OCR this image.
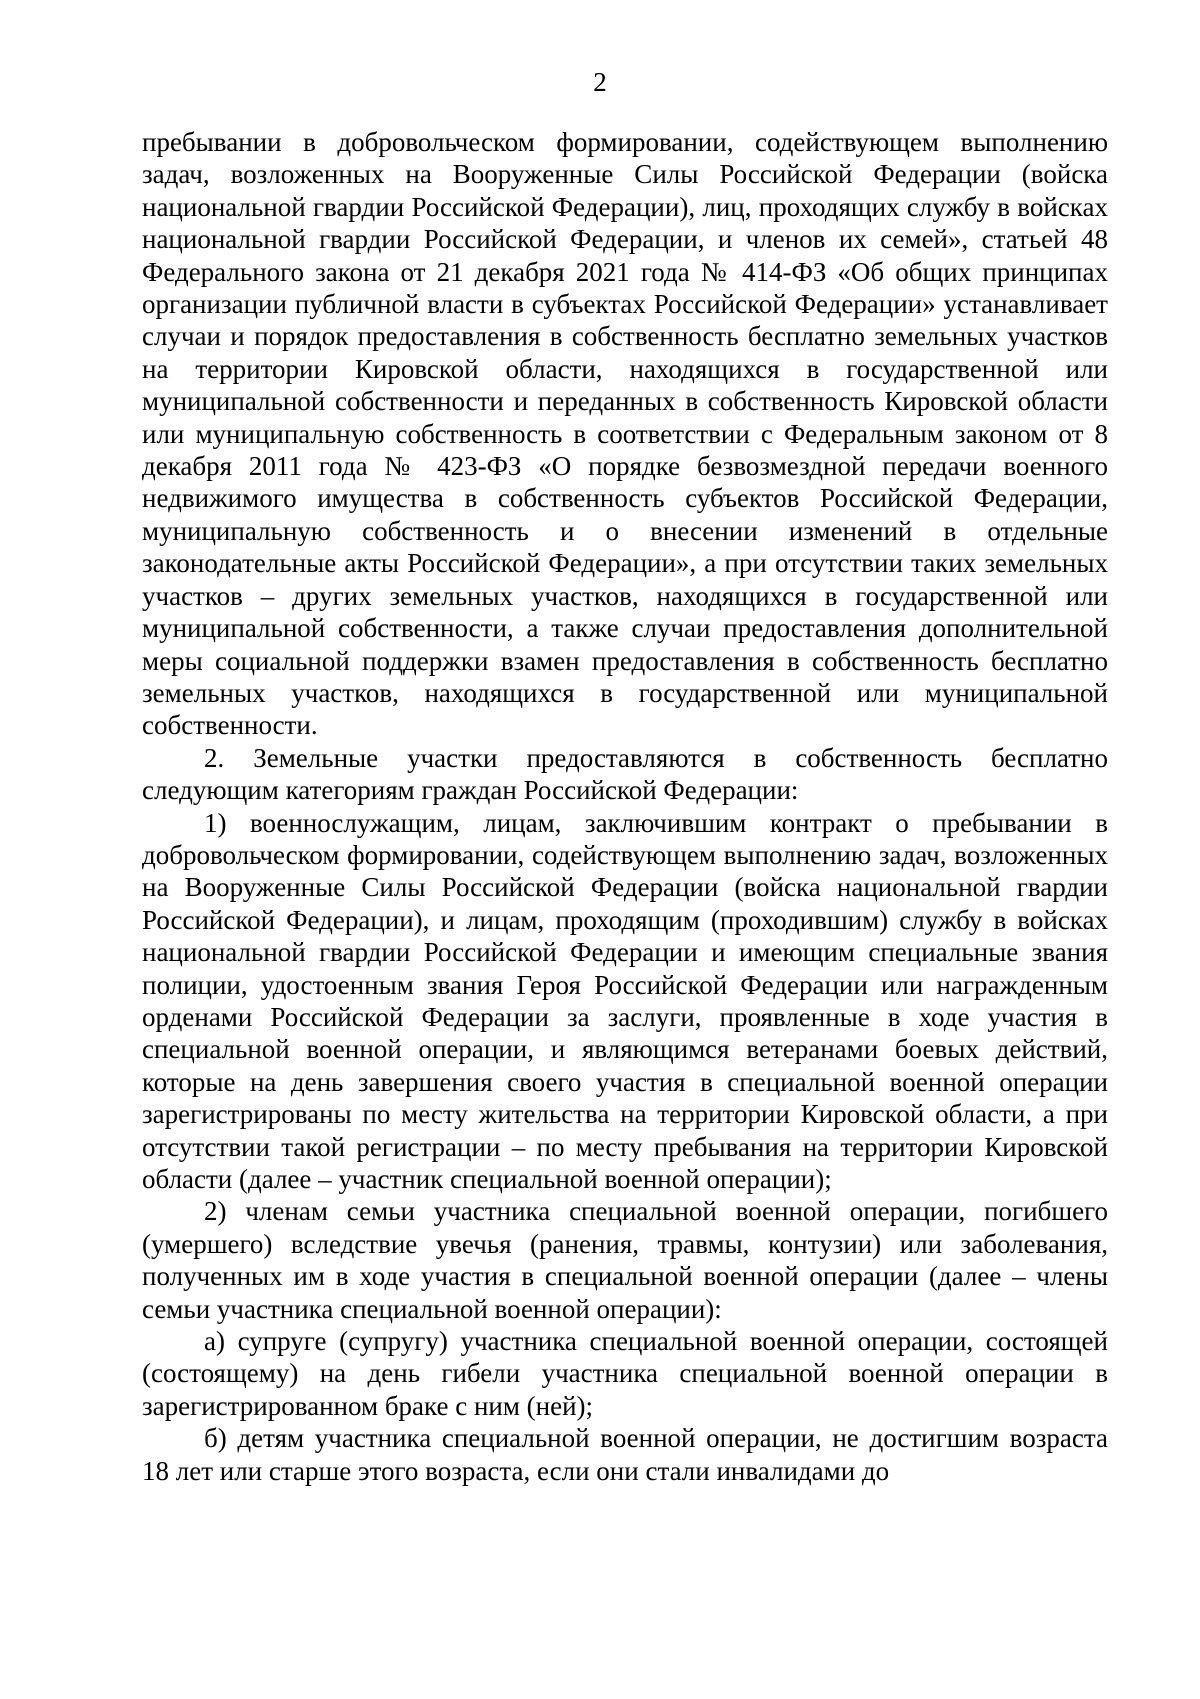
2

пребывании в добровольческом формировании, содействующем выполнению задач, возложенных на Вооруженные Силы Российской Федерации (войска национальной гвардии Российской Федерации), лиц, проходящих службу в войсках национальной гвардии Российской Федерации, и членов их семей», статьей 48 Федерального закона от 21 декабря 2021 года № 414-ФЗ «Об общих принципах организации публичной власти в субъектах Российской Федерации» устанавливает случаи и порядок предоставления в собственность бесплатно земельных участков на территории Кировской области, находящихся в государственной или муниципальной собственности и переданных в собственность Кировской области или муниципальную собственность в соответствии с Федеральным законом от 8 декабря 2011 года № 423-ФЗ «О порядке безвозмездной передачи военного недвижимого имущества в собственность субъектов Российской Федерации, муниципальную собственность и о внесении изменений в отдельные законодательные акты Российской Федерации», а при отсутствии таких земельных участков – других земельных участков, находящихся в государственной или муниципальной собственности, а также случаи предоставления дополнительной меры социальной поддержки взамен предоставления в собственность бесплатно земельных участков, находящихся в государственной или муниципальной собственности.

2. Земельные участки предоставляются в собственность бесплатно следующим категориям граждан Российской Федерации:

1) военнослужащим, лицам, заключившим контракт о пребывании в добровольческом формировании, содействующем выполнению задач, возложенных на Вооруженные Силы Российской Федерации (войска национальной гвардии Российской Федерации), и лицам, проходящим (проходившим) службу в войсках национальной гвардии Российской Федерации и имеющим специальные звания полиции, удостоенным звания Героя Российской Федерации или награжденным орденами Российской Федерации за заслуги, проявленные в ходе участия в специальной военной операции, и являющимся ветеранами боевых действий, которые на день завершения своего участия в специальной военной операции зарегистрированы по месту жительства на территории Кировской области, а при отсутствии такой регистрации – по месту пребывания на территории Кировской области (далее – участник специальной военной операции);

2) членам семьи участника специальной военной операции, погибшего (умершего) вследствие увечья (ранения, травмы, контузии) или заболевания, полученных им в ходе участия в специальной военной операции (далее – члены семьи участника специальной военной операции):

а) супруге (супругу) участника специальной военной операции, состоящей (состоящему) на день гибели участника специальной военной операции в зарегистрированном браке с ним (ней);

б) детям участника специальной военной операции, не достигшим возраста 18 лет или старше этого возраста, если они стали инвалидами до
